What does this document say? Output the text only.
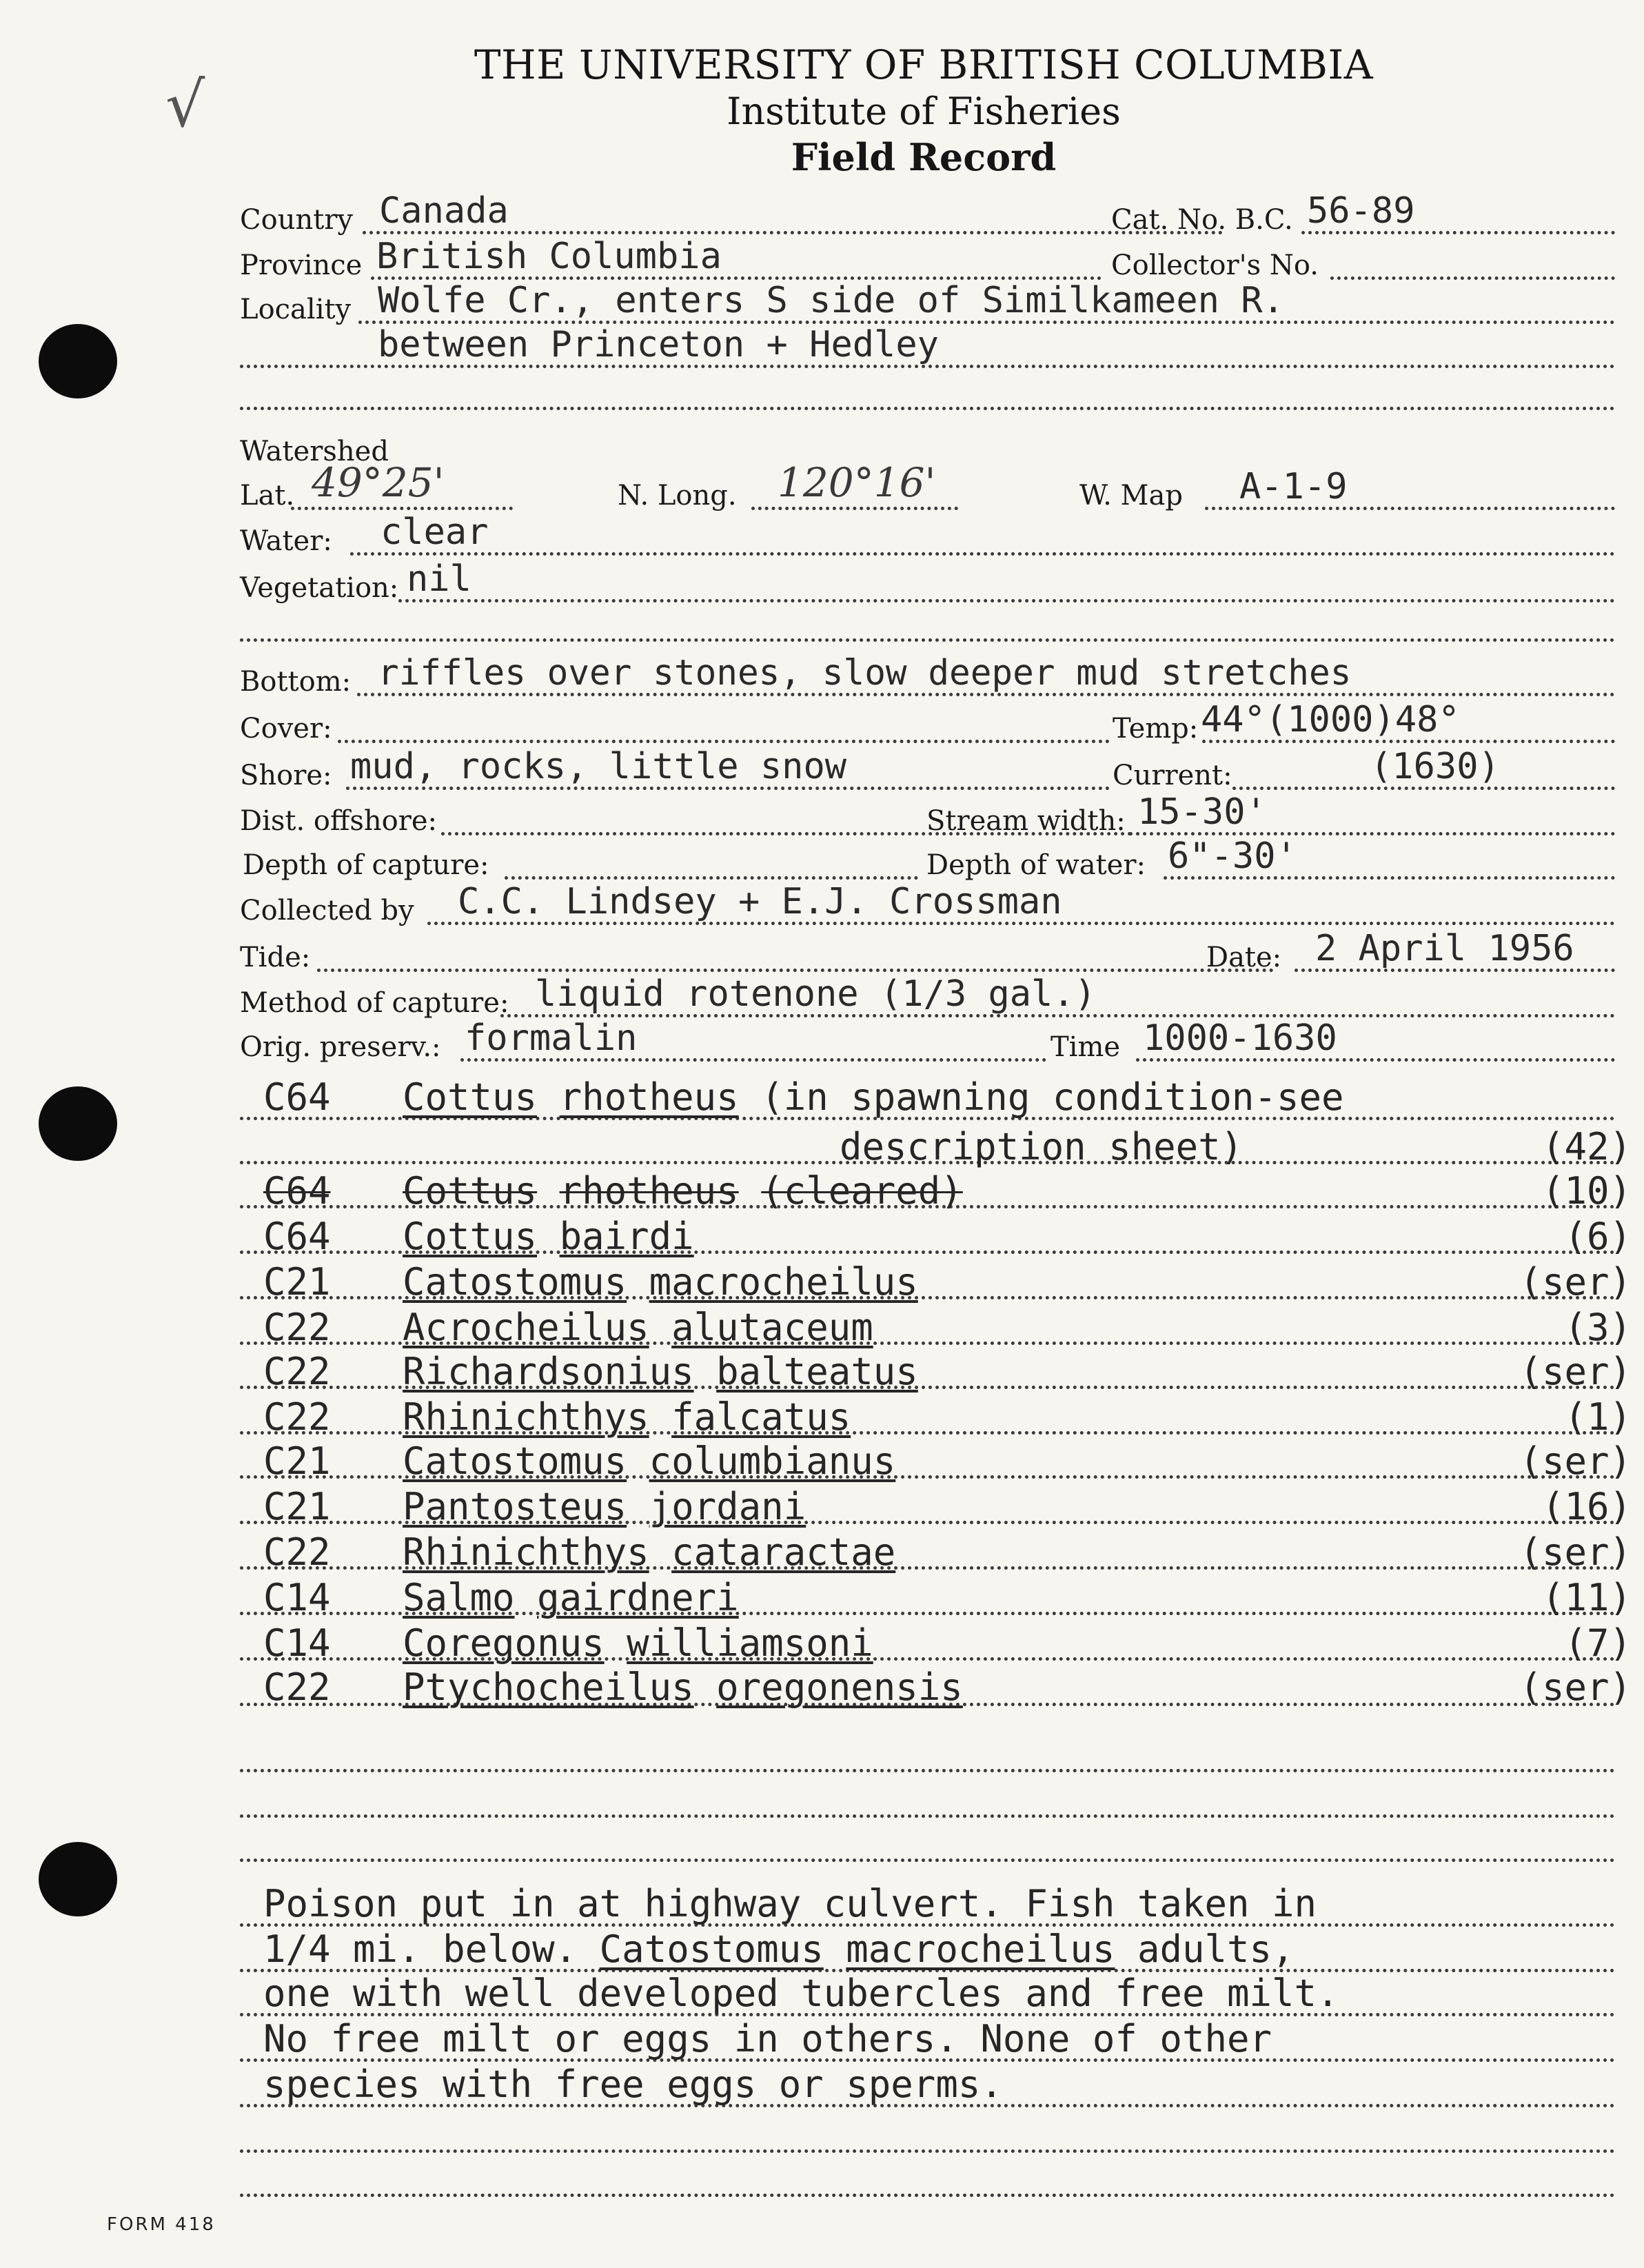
√
THE UNIVERSITY OF BRITISH COLUMBIA
Institute of Fisheries
Field Record
Country Canada	Cat. No. B.C. 56-89
Province British Columbia	Collector's No.
Locality Wolfe Cr., enters S side of Similkameen R.
between Princeton + Hedley
Watershed
Lat. 49°25'	N. Long. 120°16'	W. Map A-1-9
Water: clear
Vegetation: nil
Bottom: riffles over stones, slow deeper mud stretches
Cover:	Temp: 44°(1000)48°
Shore: mud, rocks, little snow	Current:	(1630)
Dist. offshore:	Stream width: 15-30'
Depth of capture:	Depth of water: 6"-30'
Collected by C.C. Lindsey + E.J. Crossman
Tide:	Date: 2 April 1956
Method of capture: liquid rotenone (1/3 gal.)
Orig. preserv.: formalin	Time 1000-1630
C64 Cottus rhotheus (in spawning condition-see
description sheet)	(42)
C64 Cottus rhotheus (cleared)	(10)
C64 Cottus bairdi	(6)
C21 Catostomus macrocheilus	(ser)
C22 Acrocheilus alutaceum	(3)
C22 Richardsonius balteatus	(ser)
C22 Rhinichthys falcatus	(1)
C21 Catostomus columbianus	(ser)
C21 Pantosteus jordani	(16)
C22 Rhinichthys cataractae	(ser)
C14 Salmo gairdneri	(11)
C14 Coregonus williamsoni	(7)
C22 Ptychocheilus oregonensis	(ser)
Poison put in at highway culvert. Fish taken in
1/4 mi. below. Catostomus macrocheilus adults,
one with well developed tubercles and free milt.
No free milt or eggs in others. None of other
species with free eggs or sperms.
FORM 418
